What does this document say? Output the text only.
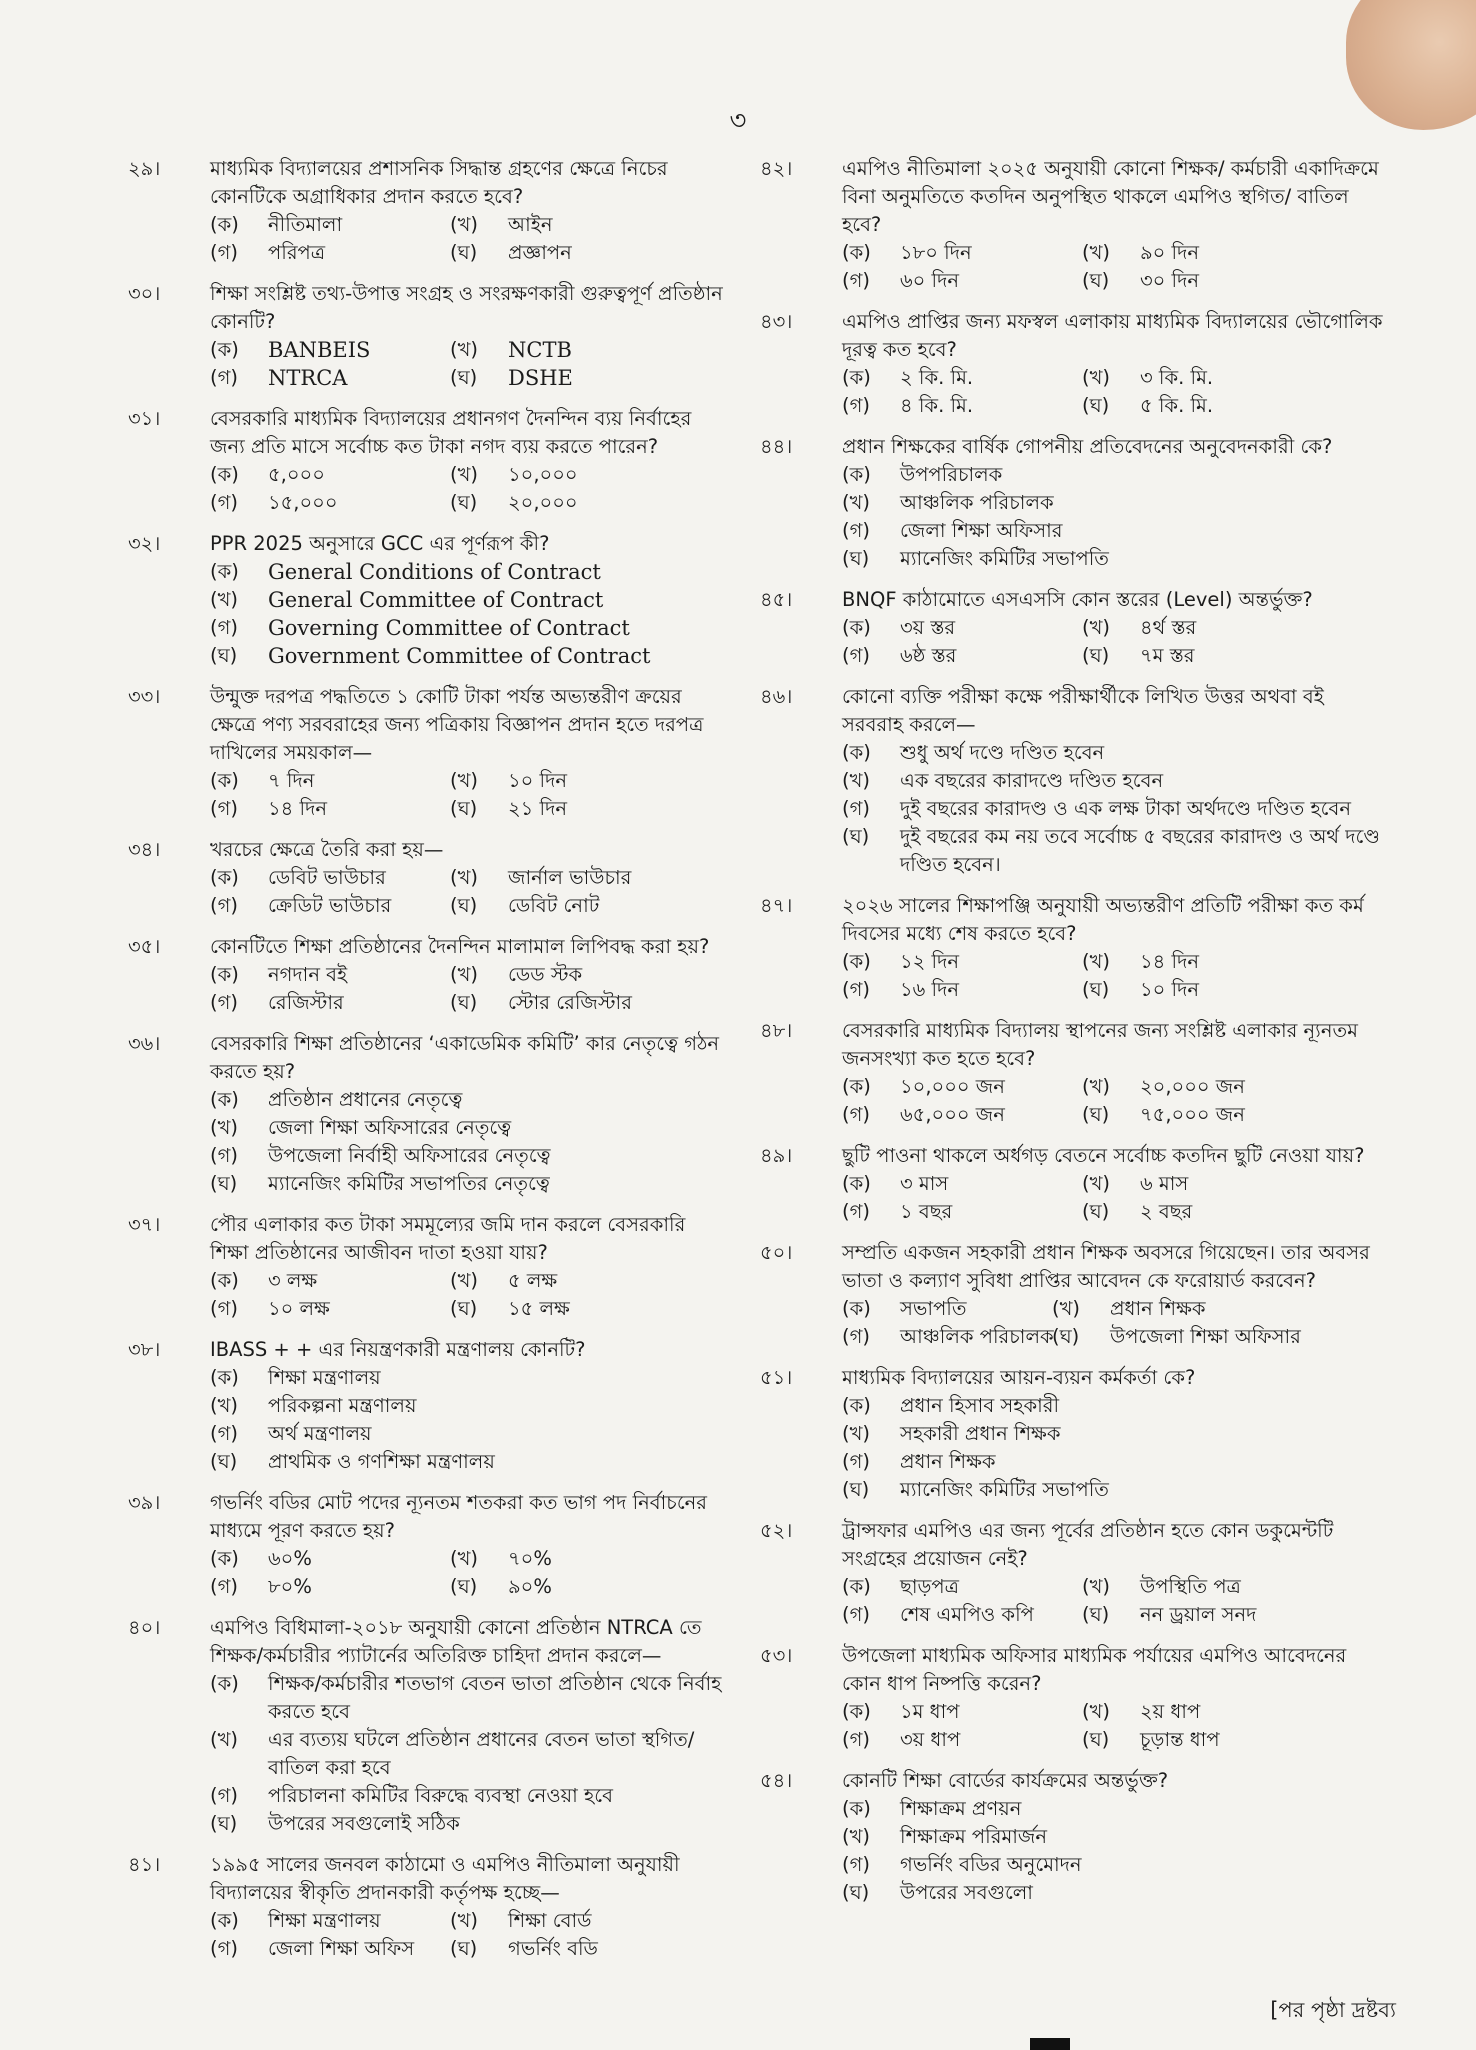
৩
২৯।	মাধ্যমিক বিদ্যালয়ের প্রশাসনিক সিদ্ধান্ত গ্রহণের ক্ষেত্রে নিচের কোনটিকে অগ্রাধিকার প্রদান করতে হবে?
(ক)	নীতিমালা	(খ)	আইন
(গ)	পরিপত্র	(ঘ)	প্রজ্ঞাপন
৩০।	শিক্ষা সংশ্লিষ্ট তথ্য-উপাত্ত সংগ্রহ ও সংরক্ষণকারী গুরুত্বপূর্ণ প্রতিষ্ঠান কোনটি?
(ক)	BANBEIS	(খ)	NCTB
(গ)	NTRCA	(ঘ)	DSHE
৩১।	বেসরকারি মাধ্যমিক বিদ্যালয়ের প্রধানগণ দৈনন্দিন ব্যয় নির্বাহের জন্য প্রতি মাসে সর্বোচ্চ কত টাকা নগদ ব্যয় করতে পারেন?
(ক)	৫,০০০	(খ)	১০,০০০
(গ)	১৫,০০০	(ঘ)	২০,০০০
৩২।	PPR 2025 অনুসারে GCC এর পূর্ণরূপ কী?
(ক)	General Conditions of Contract
(খ)	General Committee of Contract
(গ)	Governing Committee of Contract
(ঘ)	Government Committee of Contract
৩৩।	উন্মুক্ত দরপত্র পদ্ধতিতে ১ কোটি টাকা পর্যন্ত অভ্যন্তরীণ ক্রয়ের ক্ষেত্রে পণ্য সরবরাহের জন্য পত্রিকায় বিজ্ঞাপন প্রদান হতে দরপত্র দাখিলের সময়কাল—
(ক)	৭ দিন	(খ)	১০ দিন
(গ)	১৪ দিন	(ঘ)	২১ দিন
৩৪।	খরচের ক্ষেত্রে তৈরি করা হয়—
(ক)	ডেবিট ভাউচার	(খ)	জার্নাল ভাউচার
(গ)	ক্রেডিট ভাউচার	(ঘ)	ডেবিট নোট
৩৫।	কোনটিতে শিক্ষা প্রতিষ্ঠানের দৈনন্দিন মালামাল লিপিবদ্ধ করা হয়?
(ক)	নগদান বই	(খ)	ডেড স্টক
(গ)	রেজিস্টার	(ঘ)	স্টোর রেজিস্টার
৩৬।	বেসরকারি শিক্ষা প্রতিষ্ঠানের ‘একাডেমিক কমিটি’ কার নেতৃত্বে গঠন করতে হয়?
(ক)	প্রতিষ্ঠান প্রধানের নেতৃত্বে
(খ)	জেলা শিক্ষা অফিসারের নেতৃত্বে
(গ)	উপজেলা নির্বাহী অফিসারের নেতৃত্বে
(ঘ)	ম্যানেজিং কমিটির সভাপতির নেতৃত্বে
৩৭।	পৌর এলাকার কত টাকা সমমূল্যের জমি দান করলে বেসরকারি শিক্ষা প্রতিষ্ঠানের আজীবন দাতা হওয়া যায়?
(ক)	৩ লক্ষ	(খ)	৫ লক্ষ
(গ)	১০ লক্ষ	(ঘ)	১৫ লক্ষ
৩৮।	IBASS + + এর নিয়ন্ত্রণকারী মন্ত্রণালয় কোনটি?
(ক)	শিক্ষা মন্ত্রণালয়
(খ)	পরিকল্পনা মন্ত্রণালয়
(গ)	অর্থ মন্ত্রণালয়
(ঘ)	প্রাথমিক ও গণশিক্ষা মন্ত্রণালয়
৩৯।	গভর্নিং বডির মোট পদের ন্যূনতম শতকরা কত ভাগ পদ নির্বাচনের মাধ্যমে পূরণ করতে হয়?
(ক)	৬০%	(খ)	৭০%
(গ)	৮০%	(ঘ)	৯০%
৪০।	এমপিও বিধিমালা-২০১৮ অনুযায়ী কোনো প্রতিষ্ঠান NTRCA তে শিক্ষক/কর্মচারীর প্যাটার্নের অতিরিক্ত চাহিদা প্রদান করলে—
(ক)	শিক্ষক/কর্মচারীর শতভাগ বেতন ভাতা প্রতিষ্ঠান থেকে নির্বাহ করতে হবে
(খ)	এর ব্যত্যয় ঘটলে প্রতিষ্ঠান প্রধানের বেতন ভাতা স্থগিত/বাতিল করা হবে
(গ)	পরিচালনা কমিটির বিরুদ্ধে ব্যবস্থা নেওয়া হবে
(ঘ)	উপরের সবগুলোই সঠিক
৪১।	১৯৯৫ সালের জনবল কাঠামো ও এমপিও নীতিমালা অনুযায়ী বিদ্যালয়ের স্বীকৃতি প্রদানকারী কর্তৃপক্ষ হচ্ছে—
(ক)	শিক্ষা মন্ত্রণালয়	(খ)	শিক্ষা বোর্ড
(গ)	জেলা শিক্ষা অফিস (ঘ)	গভর্নিং বডি
৪২।	এমপিও নীতিমালা ২০২৫ অনুযায়ী কোনো শিক্ষক/ কর্মচারী একাদিক্রমে বিনা অনুমতিতে কতদিন অনুপস্থিত থাকলে এমপিও স্থগিত/ বাতিল হবে?
(ক)	১৮০ দিন	(খ)	৯০ দিন
(গ)	৬০ দিন	(ঘ)	৩০ দিন
৪৩।	এমপিও প্রাপ্তির জন্য মফস্বল এলাকায় মাধ্যমিক বিদ্যালয়ের ভৌগোলিক দূরত্ব কত হবে?
(ক)	২ কি. মি.	(খ)	৩ কি. মি.
(গ)	৪ কি. মি.	(ঘ)	৫ কি. মি.
৪৪।	প্রধান শিক্ষকের বার্ষিক গোপনীয় প্রতিবেদনের অনুবেদনকারী কে?
(ক)	উপপরিচালক
(খ)	আঞ্চলিক পরিচালক
(গ)	জেলা শিক্ষা অফিসার
(ঘ)	ম্যানেজিং কমিটির সভাপতি
৪৫।	BNQF কাঠামোতে এসএসসি কোন স্তরের (Level) অন্তর্ভুক্ত?
(ক)	৩য় স্তর	(খ)	৪র্থ স্তর
(গ)	৬ষ্ঠ স্তর	(ঘ)	৭ম স্তর
৪৬।	কোনো ব্যক্তি পরীক্ষা কক্ষে পরীক্ষার্থীকে লিখিত উত্তর অথবা বই সরবরাহ করলে—
(ক)	শুধু অর্থ দণ্ডে দণ্ডিত হবেন
(খ)	এক বছরের কারাদণ্ডে দণ্ডিত হবেন
(গ)	দুই বছরের কারাদণ্ড ও এক লক্ষ টাকা অর্থদণ্ডে দণ্ডিত হবেন
(ঘ)	দুই বছরের কম নয় তবে সর্বোচ্চ ৫ বছরের কারাদণ্ড ও অর্থ দণ্ডে দণ্ডিত হবেন।
৪৭।	২০২৬ সালের শিক্ষাপঞ্জি অনুযায়ী অভ্যন্তরীণ প্রতিটি পরীক্ষা কত কর্ম দিবসের মধ্যে শেষ করতে হবে?
(ক)	১২ দিন	(খ)	১৪ দিন
(গ)	১৬ দিন	(ঘ)	১০ দিন
৪৮।	বেসরকারি মাধ্যমিক বিদ্যালয় স্থাপনের জন্য সংশ্লিষ্ট এলাকার ন্যূনতম জনসংখ্যা কত হতে হবে?
(ক)	১০,০০০ জন	(খ)	২০,০০০ জন
(গ)	৬৫,০০০ জন	(ঘ)	৭৫,০০০ জন
৪৯।	ছুটি পাওনা থাকলে অর্ধগড় বেতনে সর্বোচ্চ কতদিন ছুটি নেওয়া যায়?
(ক)	৩ মাস	(খ)	৬ মাস
(গ)	১ বছর	(ঘ)	২ বছর
৫০।	সম্প্রতি একজন সহকারী প্রধান শিক্ষক অবসরে গিয়েছেন। তার অবসর ভাতা ও কল্যাণ সুবিধা প্রাপ্তির আবেদন কে ফরোয়ার্ড করবেন?
(ক)	সভাপতি	(খ)	প্রধান শিক্ষক
(গ)	আঞ্চলিক পরিচালক
(ঘ)	উপজেলা শিক্ষা অফিসার
৫১।	মাধ্যমিক বিদ্যালয়ের আয়ন-ব্যয়ন কর্মকর্তা কে?
(ক)	প্রধান হিসাব সহকারী
(খ)	সহকারী প্রধান শিক্ষক
(গ)	প্রধান শিক্ষক
(ঘ)	ম্যানেজিং কমিটির সভাপতি
৫২।	ট্রান্সফার এমপিও এর জন্য পূর্বের প্রতিষ্ঠান হতে কোন ডকুমেন্টটি সংগ্রহের প্রয়োজন নেই?
(ক)	ছাড়পত্র	(খ)	উপস্থিতি পত্র
(গ)	শেষ এমপিও কপি (ঘ)	নন ড্রয়াল সনদ
৫৩।	উপজেলা মাধ্যমিক অফিসার মাধ্যমিক পর্যায়ের এমপিও আবেদনের কোন ধাপ নিষ্পত্তি করেন?
(ক)	১ম ধাপ	(খ)	২য় ধাপ
(গ)	৩য় ধাপ	(ঘ)	চূড়ান্ত ধাপ
৫৪।	কোনটি শিক্ষা বোর্ডের কার্যক্রমের অন্তর্ভুক্ত?
(ক)	শিক্ষাক্রম প্রণয়ন
(খ)	শিক্ষাক্রম পরিমার্জন
(গ)	গভর্নিং বডির অনুমোদন
(ঘ)	উপরের সবগুলো
[পর পৃষ্ঠা দ্রষ্টব্য
